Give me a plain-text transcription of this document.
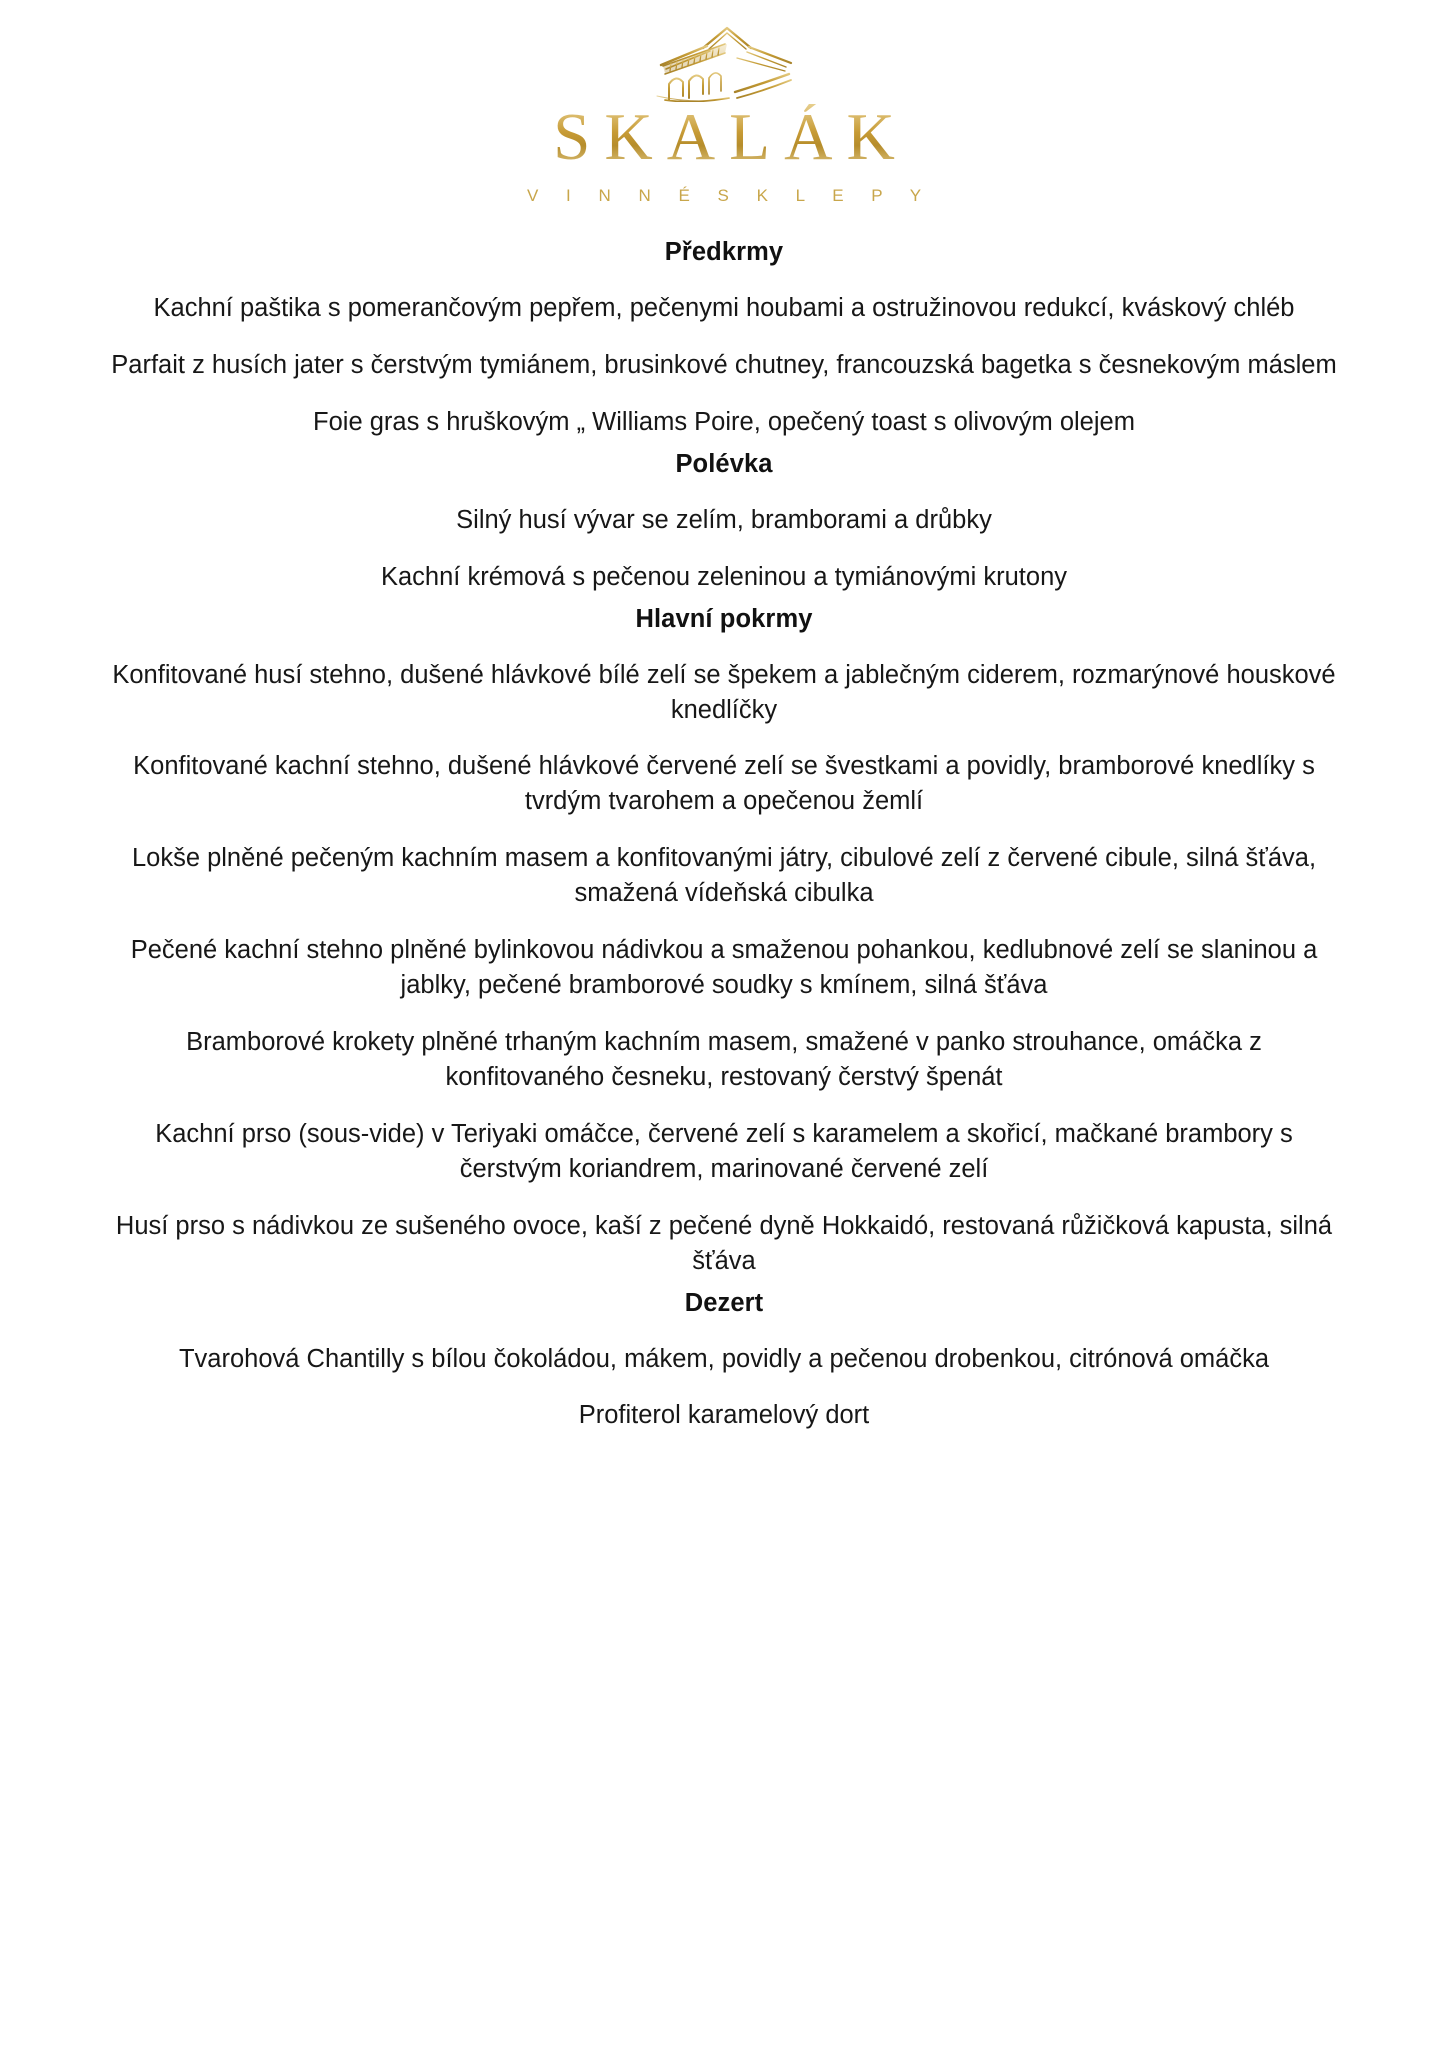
SKALÁK
V I N N É S K L E P Y
Předkrmy
Kachní paštika s pomerančovým pepřem, pečenymi houbami a ostružinovou redukcí, kváskový chléb
Parfait z husích jater s čerstvým tymiánem, brusinkové chutney, francouzská bagetka s česnekovým máslem
Foie gras s hruškovým „ Williams Poire, opečený toast s olivovým olejem
Polévka
Silný husí vývar se zelím, bramborami a drůbky
Kachní krémová s pečenou zeleninou a tymiánovými krutony
Hlavní pokrmy
Konfitované husí stehno, dušené hlávkové bílé zelí se špekem a jablečným ciderem, rozmarýnové houskové knedlíčky
Konfitované kachní stehno, dušené hlávkové červené zelí se švestkami a povidly, bramborové knedlíky s tvrdým tvarohem a opečenou žemlí
Lokše plněné pečeným kachním masem a konfitovanými játry, cibulové zelí z červené cibule, silná šťáva, smažená vídeňská cibulka
Pečené kachní stehno plněné bylinkovou nádivkou a smaženou pohankou, kedlubnové zelí se slaninou a jablky, pečené bramborové soudky s kmínem, silná šťáva
Bramborové krokety plněné trhaným kachním masem, smažené v panko strouhance, omáčka z konfitovaného česneku, restovaný čerstvý špenát
Kachní prso (sous-vide) v Teriyaki omáčce, červené zelí s karamelem a skořicí, mačkané brambory s čerstvým koriandrem, marinované červené zelí
Husí prso s nádivkou ze sušeného ovoce, kaší z pečené dyně Hokkaidó, restovaná růžičková kapusta, silná šťáva
Dezert
Tvarohová Chantilly s bílou čokoládou, mákem, povidly a pečenou drobenkou, citrónová omáčka
Profiterol karamelový dort
